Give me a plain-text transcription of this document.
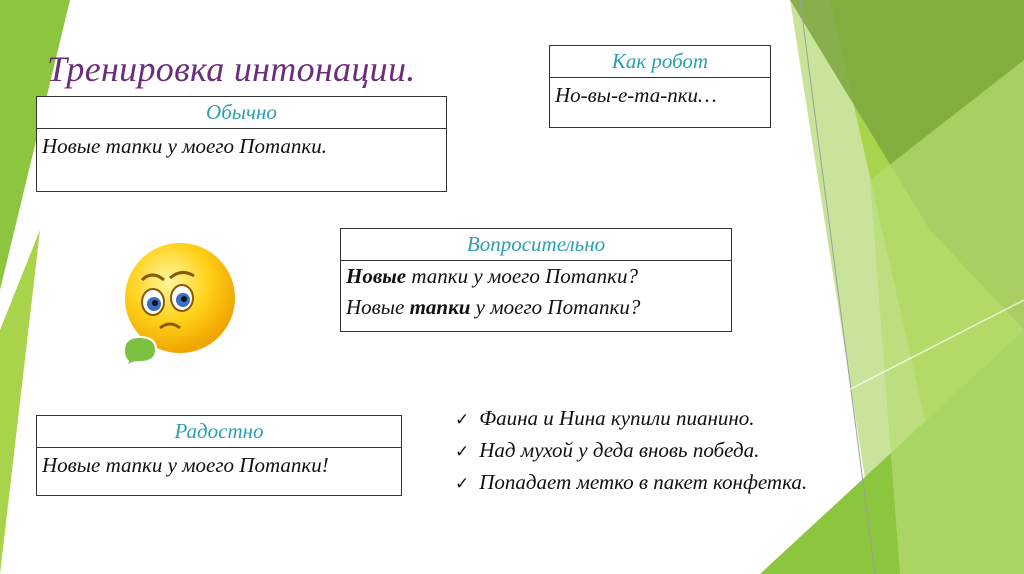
Тренировка интонации.
Обычно
Новые тапки у моего Потапки.
Как робот
Но-вы-е-та-пки…
Вопросительно
Новые тапки у моего Потапки?
Новые тапки у моего Потапки?
Радостно
Новые тапки у моего Потапки!
✓ Фаина и Нина купили пианино.
✓ Над мухой у деда вновь победа.
✓ Попадает метко в пакет конфетка.
